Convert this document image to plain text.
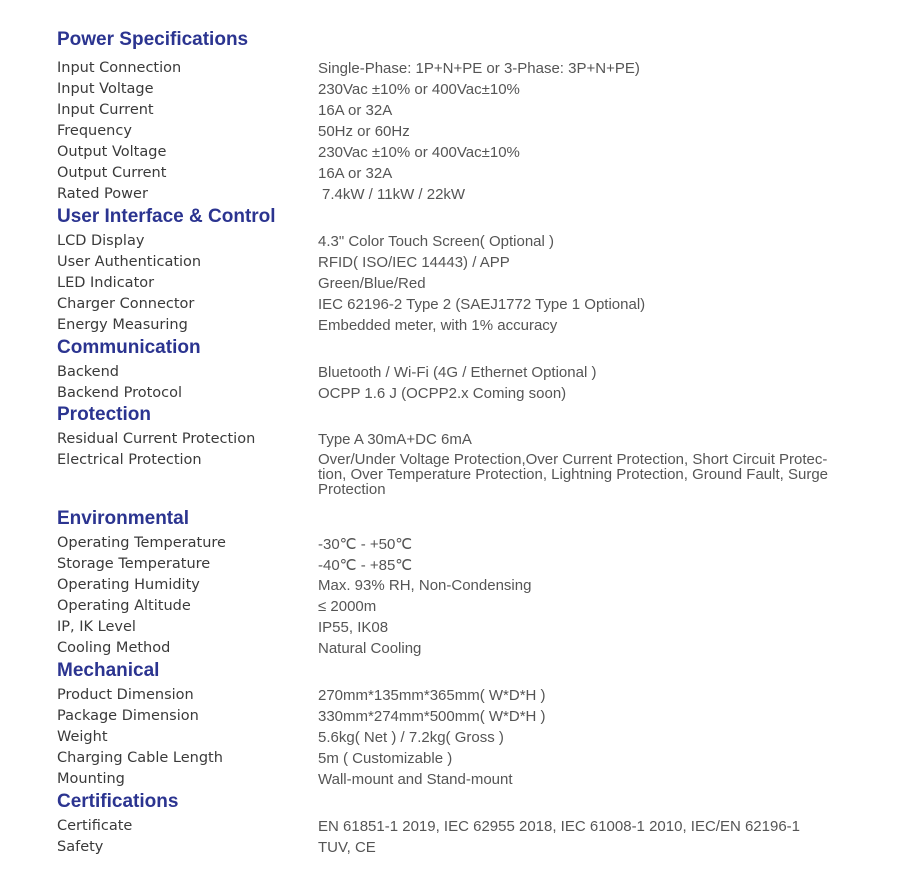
Power Specifications
Input Connection	Single-Phase: 1P+N+PE or 3-Phase: 3P+N+PE)
Input Voltage	230Vac ±10% or 400Vac±10%
Input Current	16A or 32A
Frequency	50Hz or 60Hz
Output Voltage	230Vac ±10% or 400Vac±10%
Output Current	16A or 32A
Rated Power	7.4kW / 11kW / 22kW
User Interface & Control
LCD Display	4.3" Color Touch Screen( Optional )
User Authentication	RFID( ISO/IEC 14443) / APP
LED Indicator	Green/Blue/Red
Charger Connector	IEC 62196-2 Type 2 (SAEJ1772 Type 1 Optional)
Energy Measuring	Embedded meter, with 1% accuracy
Communication
Backend	Bluetooth / Wi-Fi (4G / Ethernet Optional )
Backend Protocol	OCPP 1.6 J (OCPP2.x Coming soon)
Protection
Residual Current Protection	Type A 30mA+DC 6mA
Electrical Protection	Over/Under Voltage Protection,Over Current Protection, Short Circuit Protec-tion, Over Temperature Protection, Lightning Protection, Ground Fault, Surge Protection
Environmental
Operating Temperature	-30℃ - +50℃
Storage Temperature	-40℃ - +85℃
Operating Humidity	Max. 93% RH, Non-Condensing
Operating Altitude	≤ 2000m
IP, IK Level	IP55, IK08
Cooling Method	Natural Cooling
Mechanical
Product Dimension	270mm*135mm*365mm( W*D*H )
Package Dimension	330mm*274mm*500mm( W*D*H )
Weight	5.6kg( Net ) / 7.2kg( Gross )
Charging Cable Length	5m ( Customizable )
Mounting	Wall-mount and Stand-mount
Certifications
Certificate	EN 61851-1 2019, IEC 62955 2018, IEC 61008-1 2010, IEC/EN 62196-1
Safety	TUV, CE
